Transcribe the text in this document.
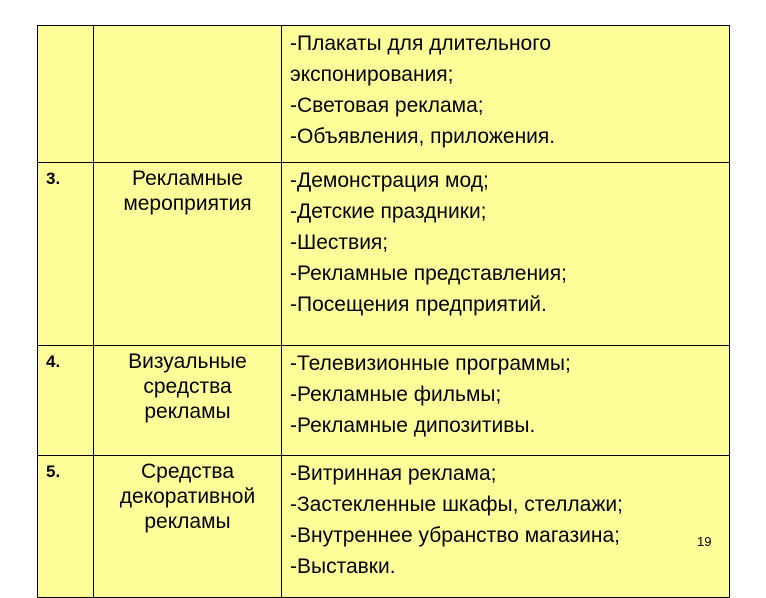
		-Плакаты для длительного
экспонирования;
-Световая реклама;
-Объявления, приложения.

3.	Рекламные
мероприятия	-Демонстрация мод;
-Детские праздники;
-Шествия;
-Рекламные представления;
-Посещения предприятий.

4.	Визуальные
средства
рекламы	-Телевизионные программы;
-Рекламные фильмы;
-Рекламные дипозитивы.

5.	Средства
декоративной
рекламы	-Витринная реклама;
-Застекленные шкафы, стеллажи;
-Внутреннее убранство магазина;
-Выставки.
19
